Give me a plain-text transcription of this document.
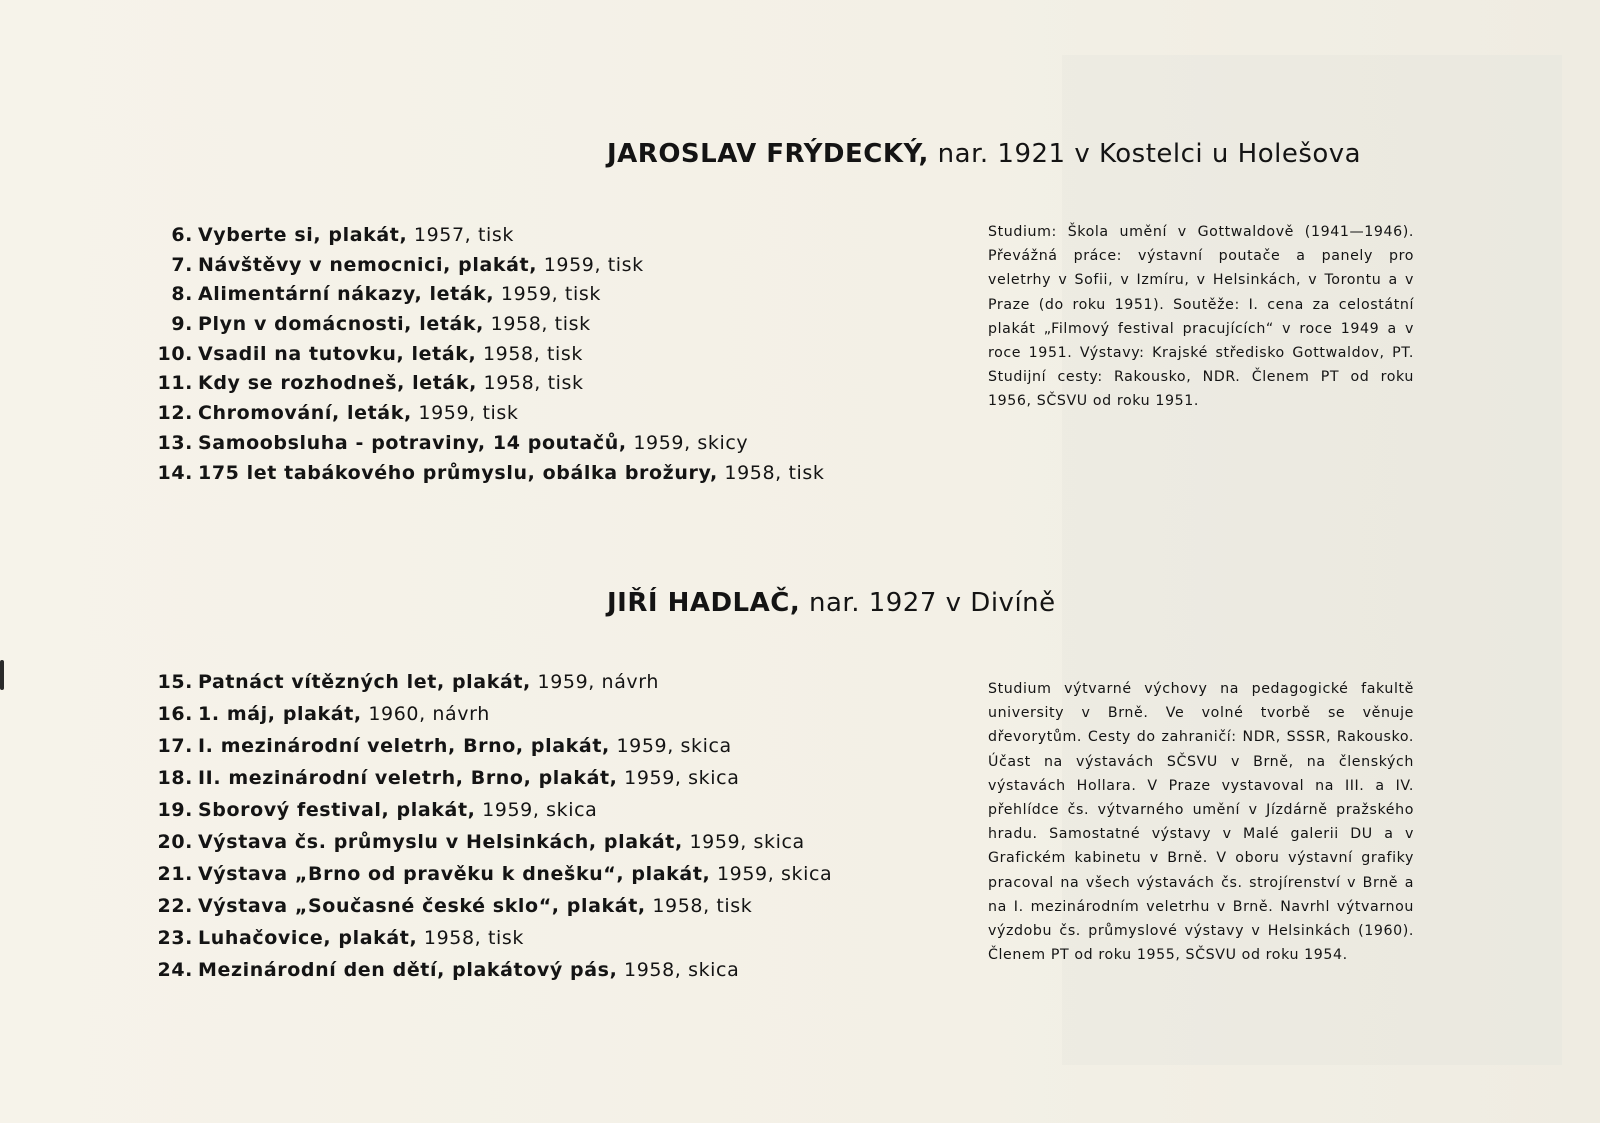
JAROSLAV FRÝDECKÝ, nar. 1921 v Kostelci u Holešova
6. Vyberte si, plakát,
1957, tisk
7. Návštěvy v nemocnici, plakát,
1959, tisk
8. Alimentární nákazy, leták,
1959, tisk
9. Plyn v domácnosti, leták,
1958, tisk
10. Vsadil na tutovku, leták,
1958, tisk
11. Kdy se rozhodneš, leták,
1958, tisk
12. Chromování, leták,
1959, tisk
13. Samoobsluha - potraviny, 14 poutačů,
1959, skicy
14. 175 let tabákového průmyslu, obálka brožury,
1958, tisk

Studium: Škola umění v Gottwaldově (1941—1946). Převážná práce: výstavní poutače a panely pro veletrhy v Sofii, v Izmíru, v Helsinkách, v Torontu a v Praze (do roku 1951). Soutěže: I. cena za celostátní plakát „Filmový festival pracujících“ v roce 1949 a v roce 1951. Výstavy: Krajské středisko Gottwaldov, PT. Studijní cesty: Rakousko, NDR. Členem PT od roku 1956, SČSVU od roku 1951.

JIŘÍ HADLAČ, nar. 1927 v Divíně
15. Patnáct vítězných let, plakát,
1959, návrh
16. 1. máj, plakát,
1960, návrh
17. I. mezinárodní veletrh, Brno, plakát,
1959, skica
18. II. mezinárodní veletrh, Brno, plakát,
1959, skica
19. Sborový festival, plakát,
1959, skica
20. Výstava čs. průmyslu v Helsinkách, plakát,
1959, skica
21. Výstava „Brno od pravěku k dnešku“, plakát,
1959, skica
22. Výstava „Současné české sklo“, plakát,
1958, tisk
23. Luhačovice, plakát,
1958, tisk
24. Mezinárodní den dětí, plakátový pás,
1958, skica

Studium výtvarné výchovy na pedagogické fakultě university v Brně. Ve volné tvorbě se věnuje dřevorytům. Cesty do zahraničí: NDR, SSSR, Rakousko. Účast na výstavách SČSVU v Brně, na členských výstavách Hollara. V Praze vystavoval na III. a IV. přehlídce čs. výtvarného umění v Jízdárně pražského hradu. Samostatné výstavy v Malé galerii DU a v Grafickém kabinetu v Brně. V oboru výstavní grafiky pracoval na všech výstavách čs. strojírenství v Brně a na I. mezinárodním veletrhu v Brně. Navrhl výtvarnou výzdobu čs. průmyslové výstavy v Helsinkách (1960). Členem PT od roku 1955, SČSVU od roku 1954.
